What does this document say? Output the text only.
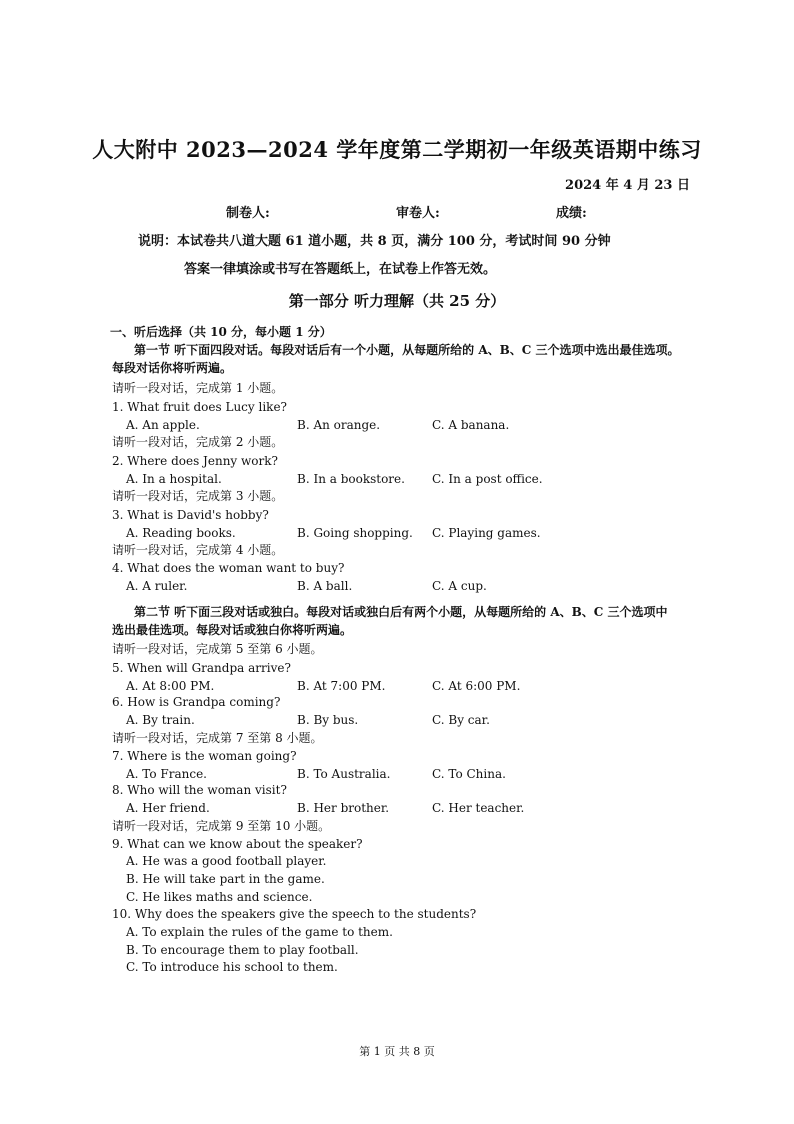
人大附中 2023—2024 学年度第二学期初一年级英语期中练习
2024 年 4 月 23 日
制卷人:	审卷人:	成绩:
说明：本试卷共八道大题 61 道小题，共 8 页，满分 100 分，考试时间 90 分钟
答案一律填涂或书写在答题纸上，在试卷上作答无效。
第一部分 听力理解（共 25 分）
一、听后选择（共 10 分，每小题 1 分）
第一节 听下面四段对话。每段对话后有一个小题，从每题所给的 A、B、C 三个选项中选出最佳选项。
每段对话你将听两遍。
请听一段对话，完成第 1 小题。
1. What fruit does Lucy like?
A. An apple.	B. An orange.	C. A banana.
请听一段对话，完成第 2 小题。
2. Where does Jenny work?
A. In a hospital.	B. In a bookstore. C. In a post office.
请听一段对话，完成第 3 小题。
3. What is David's hobby?
A. Reading books.	B. Going shopping. C. Playing games.
请听一段对话，完成第 4 小题。
4. What does the woman want to buy?
A. A ruler.	B. A ball.	C. A cup.
第二节 听下面三段对话或独白。每段对话或独白后有两个小题，从每题所给的 A、B、C 三个选项中
选出最佳选项。每段对话或独白你将听两遍。
请听一段对话，完成第 5 至第 6 小题。
5. When will Grandpa arrive?
A. At 8:00 PM.	B. At 7:00 PM.	C. At 6:00 PM.
6. How is Grandpa coming?
A. By train.	B. By bus.	C. By car.
请听一段对话，完成第 7 至第 8 小题。
7. Where is the woman going?
A. To France.	B. To Australia.	C. To China.
8. Who will the woman visit?
A. Her friend.	B. Her brother.	C. Her teacher.
请听一段对话，完成第 9 至第 10 小题。
9. What can we know about the speaker?
A. He was a good football player.
B. He will take part in the game.
C. He likes maths and science.
10. Why does the speakers give the speech to the students?
A. To explain the rules of the game to them.
B. To encourage them to play football.
C. To introduce his school to them.
第 1 页 共 8 页
